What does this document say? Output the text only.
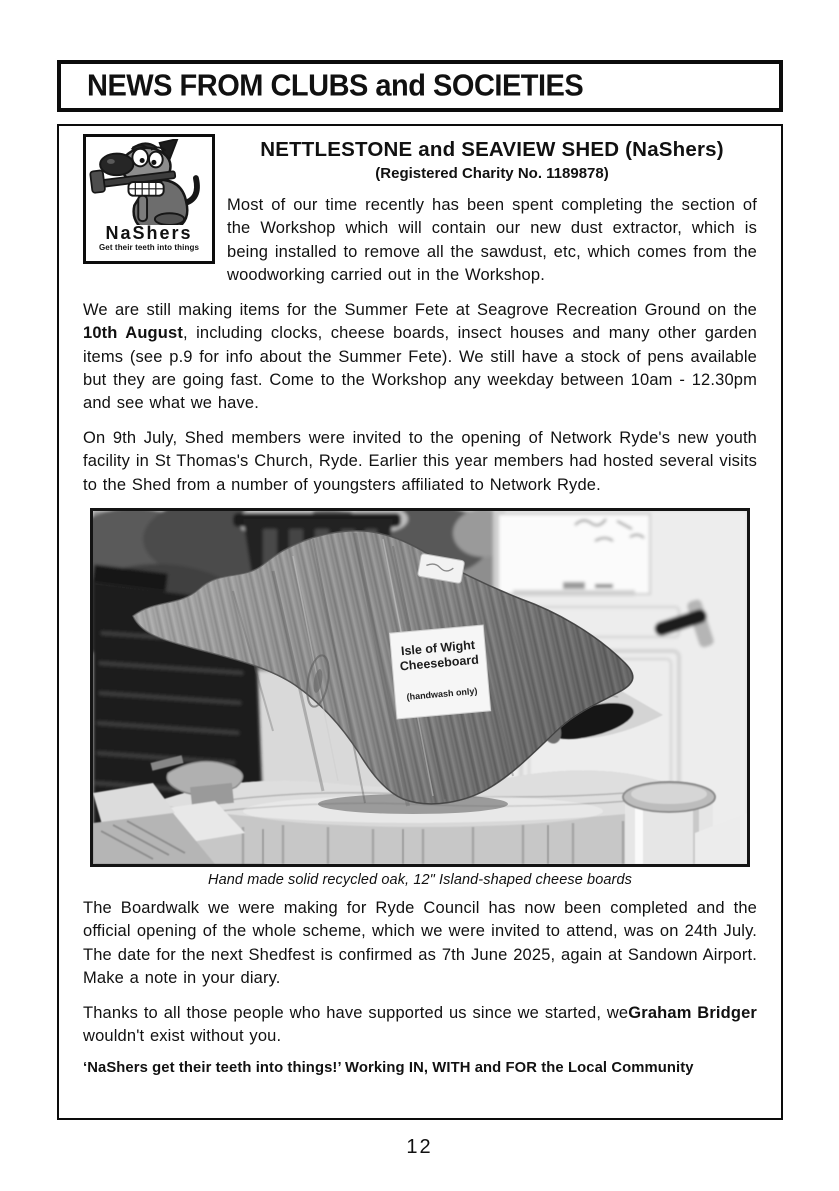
NEWS FROM CLUBS and SOCIETIES
NaShers
Get their teeth into things
NETTLESTONE and SEAVIEW SHED (NaShers)
(Registered Charity No. 1189878)

Most of our time recently has been spent completing the section of the Workshop which will contain our new dust extractor, which is being installed to remove all the sawdust, etc, which comes from the woodworking carried out in the Workshop.

We are still making items for the Summer Fete at Seagrove Recreation Ground on the 10th August, including clocks, cheese boards, insect houses and many other garden items (see p.9 for info about the Summer Fete). We still have a stock of pens available but they are going fast. Come to the Workshop any weekday between 10am - 12.30pm and see what we have.

On 9th July, Shed members were invited to the opening of Network Ryde's new youth facility in St Thomas's Church, Ryde. Earlier this year members had hosted several visits to the Shed from a number of youngsters affiliated to Network Ryde.

Isle of Wight
Cheeseboard
(handwash only)
Hand made solid recycled oak, 12" Island-shaped cheese boards

The Boardwalk we were making for Ryde Council has now been completed and the official opening of the whole scheme, which we were invited to attend, was on 24th July. The date for the next Shedfest is confirmed as 7th June 2025, again at Sandown Airport. Make a note in your diary.

Graham Bridger
Thanks to all those people who have supported us since we started, we wouldn't exist without you.

‘NaShers get their teeth into things!’ Working IN, WITH and FOR the Local Community
12
